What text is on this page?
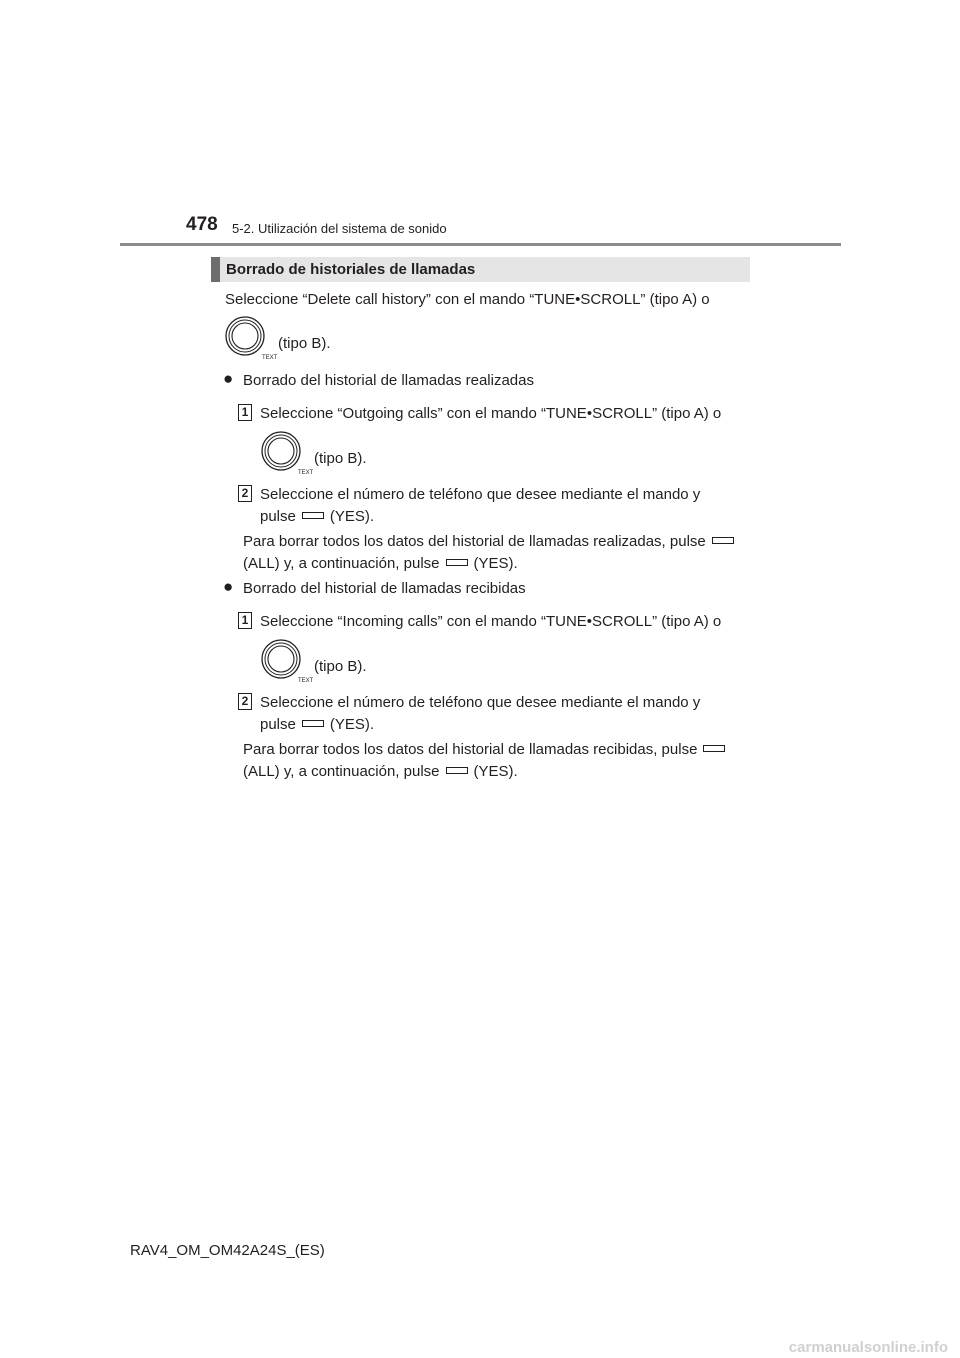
478 5-2. Utilización del sistema de sonido
Borrado de historiales de llamadas
Seleccione “Delete call history” con el mando “TUNE•SCROLL” (tipo A) o
TEXT
(tipo B).
● Borrado del historial de llamadas realizadas
1 Seleccione “Outgoing calls” con el mando “TUNE•SCROLL” (tipo A) o
TEXT
(tipo B).
2 Seleccione el número de teléfono que desee mediante el mando y
pulse (YES).
Para borrar todos los datos del historial de llamadas realizadas, pulse
(ALL) y, a continuación, pulse (YES).
● Borrado del historial de llamadas recibidas
1 Seleccione “Incoming calls” con el mando “TUNE•SCROLL” (tipo A) o
TEXT
(tipo B).
2 Seleccione el número de teléfono que desee mediante el mando y
pulse (YES).
Para borrar todos los datos del historial de llamadas recibidas, pulse
(ALL) y, a continuación, pulse (YES).
RAV4_OM_OM42A24S_(ES)
carmanualsonline.info
